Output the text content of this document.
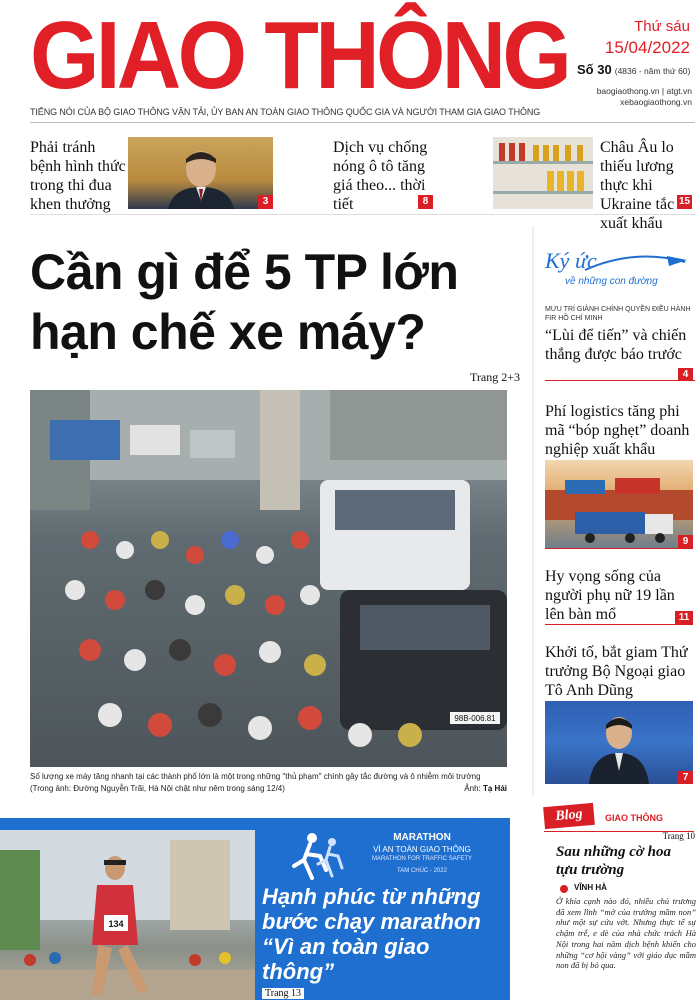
GIAO THÔNG
TIẾNG NÓI CỦA BỘ GIAO THÔNG VẬN TẢI, ỦY BAN AN TOÀN GIAO THÔNG QUỐC GIA VÀ NGƯỜI THAM GIA GIAO THÔNG
Thứ sáu
15/04/2022
Số 30 (4836 - năm thứ 60)
baogiaothong.vn | atgt.vn
xebaogiaothong.vn
Phải tránh bệnh hình thức trong thi đua khen thưởng	3
Dịch vụ chống nóng ô tô tăng giá theo... thời tiết	8
Châu Âu lo thiếu lương thực khi Ukraine tắc xuất khẩu
15
Cần gì để 5 TP lớn
hạn chế xe máy?
Trang 2+3
98B-006.81
Số lượng xe máy tăng nhanh tại các thành phố lớn là một trong những "thủ phạm" chính gây tắc đường và ô nhiễm môi trường
(Trong ảnh: Đường Nguyễn Trãi, Hà Nội chật như nêm trong sáng 12/4)	Ảnh: Tạ Hải
Ký ức
về những con đường
MƯU TRÍ GIÀNH CHÍNH QUYỀN ĐIỀU HÀNH FIR HỒ CHÍ MINH
“Lùi để tiến” và chiến thắng được báo trước
4
Phí logistics tăng phi mã “bóp nghẹt” doanh nghiệp xuất khẩu
9
Hy vọng sống của người phụ nữ 19 lần lên bàn mổ	11
Khởi tố, bắt giam Thứ trưởng Bộ Ngoại giao Tô Anh Dũng
7
134
MARATHON
VÌ AN TOÀN GIAO THÔNG
MARATHON FOR TRAFFIC SAFETY
TAM CHÚC - 2022
Hạnh phúc từ những bước chạy marathon “Vì an toàn giao thông”
Trang 13
Blog	GIAO THÔNG
Trang 10
Sau những cờ hoa tựu trường
VĨNH HÀ
Ở khía cạnh nào đó, nhiều chủ trương đã xem lĩnh “mở của trường mầm non” như một sự cứu vớt. Nhưng thực tế sự chậm trễ, e dè của nhà chức trách Hà Nội trong hai năm dịch bệnh khiến cho những “cơ hội vàng” với giáo dục mầm non đã bị bỏ qua.
